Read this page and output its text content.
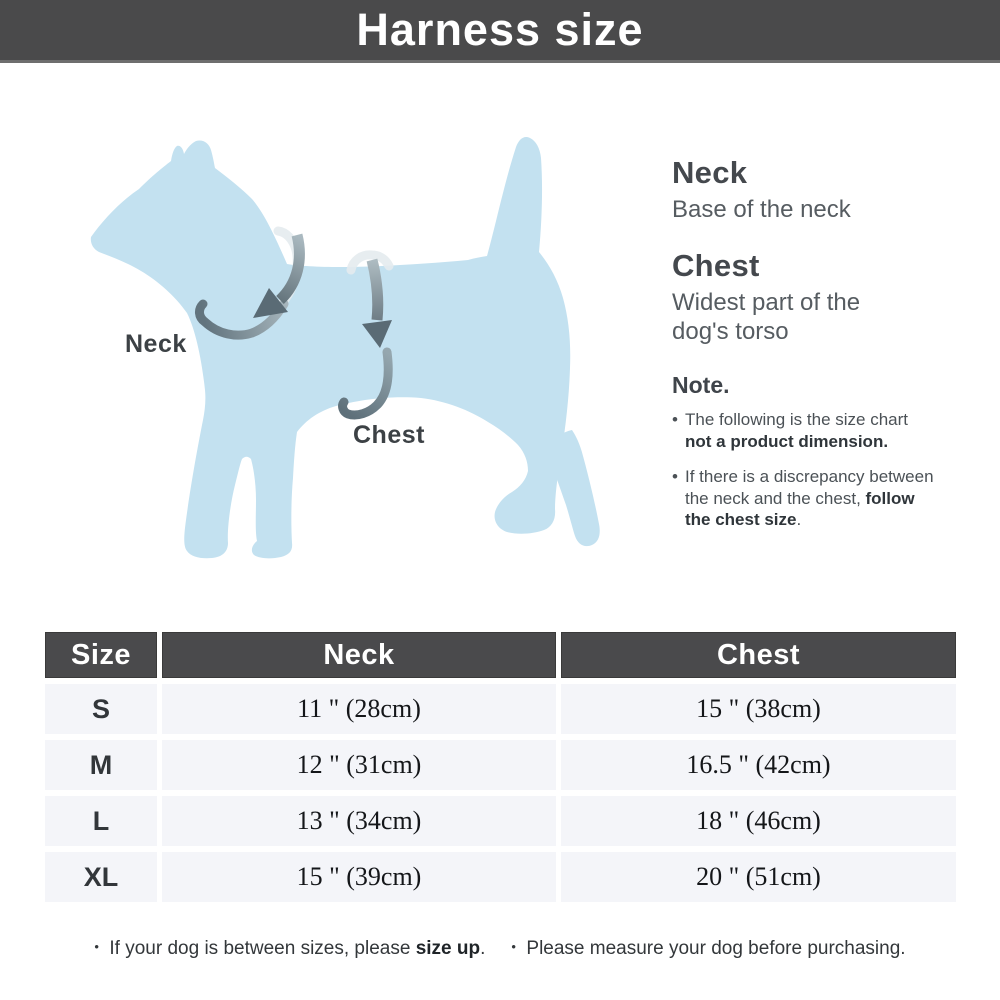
Harness size
Neck
Chest
Neck

Base of the neck

Chest

Widest part of the dog's torso

Note.
• The following is the size chart not a product dimension.
• If there is a discrepancy between the neck and the chest, follow the chest size.
Size	Neck	Chest
S	11 " (28cm)	15 " (38cm)
M	12 " (31cm)	16.5 " (42cm)
L	13 " (34cm)	18 " (46cm)
XL	15 " (39cm)	20 " (51cm)
• If your dog is between sizes, please size up.	• Please measure your dog before purchasing.
